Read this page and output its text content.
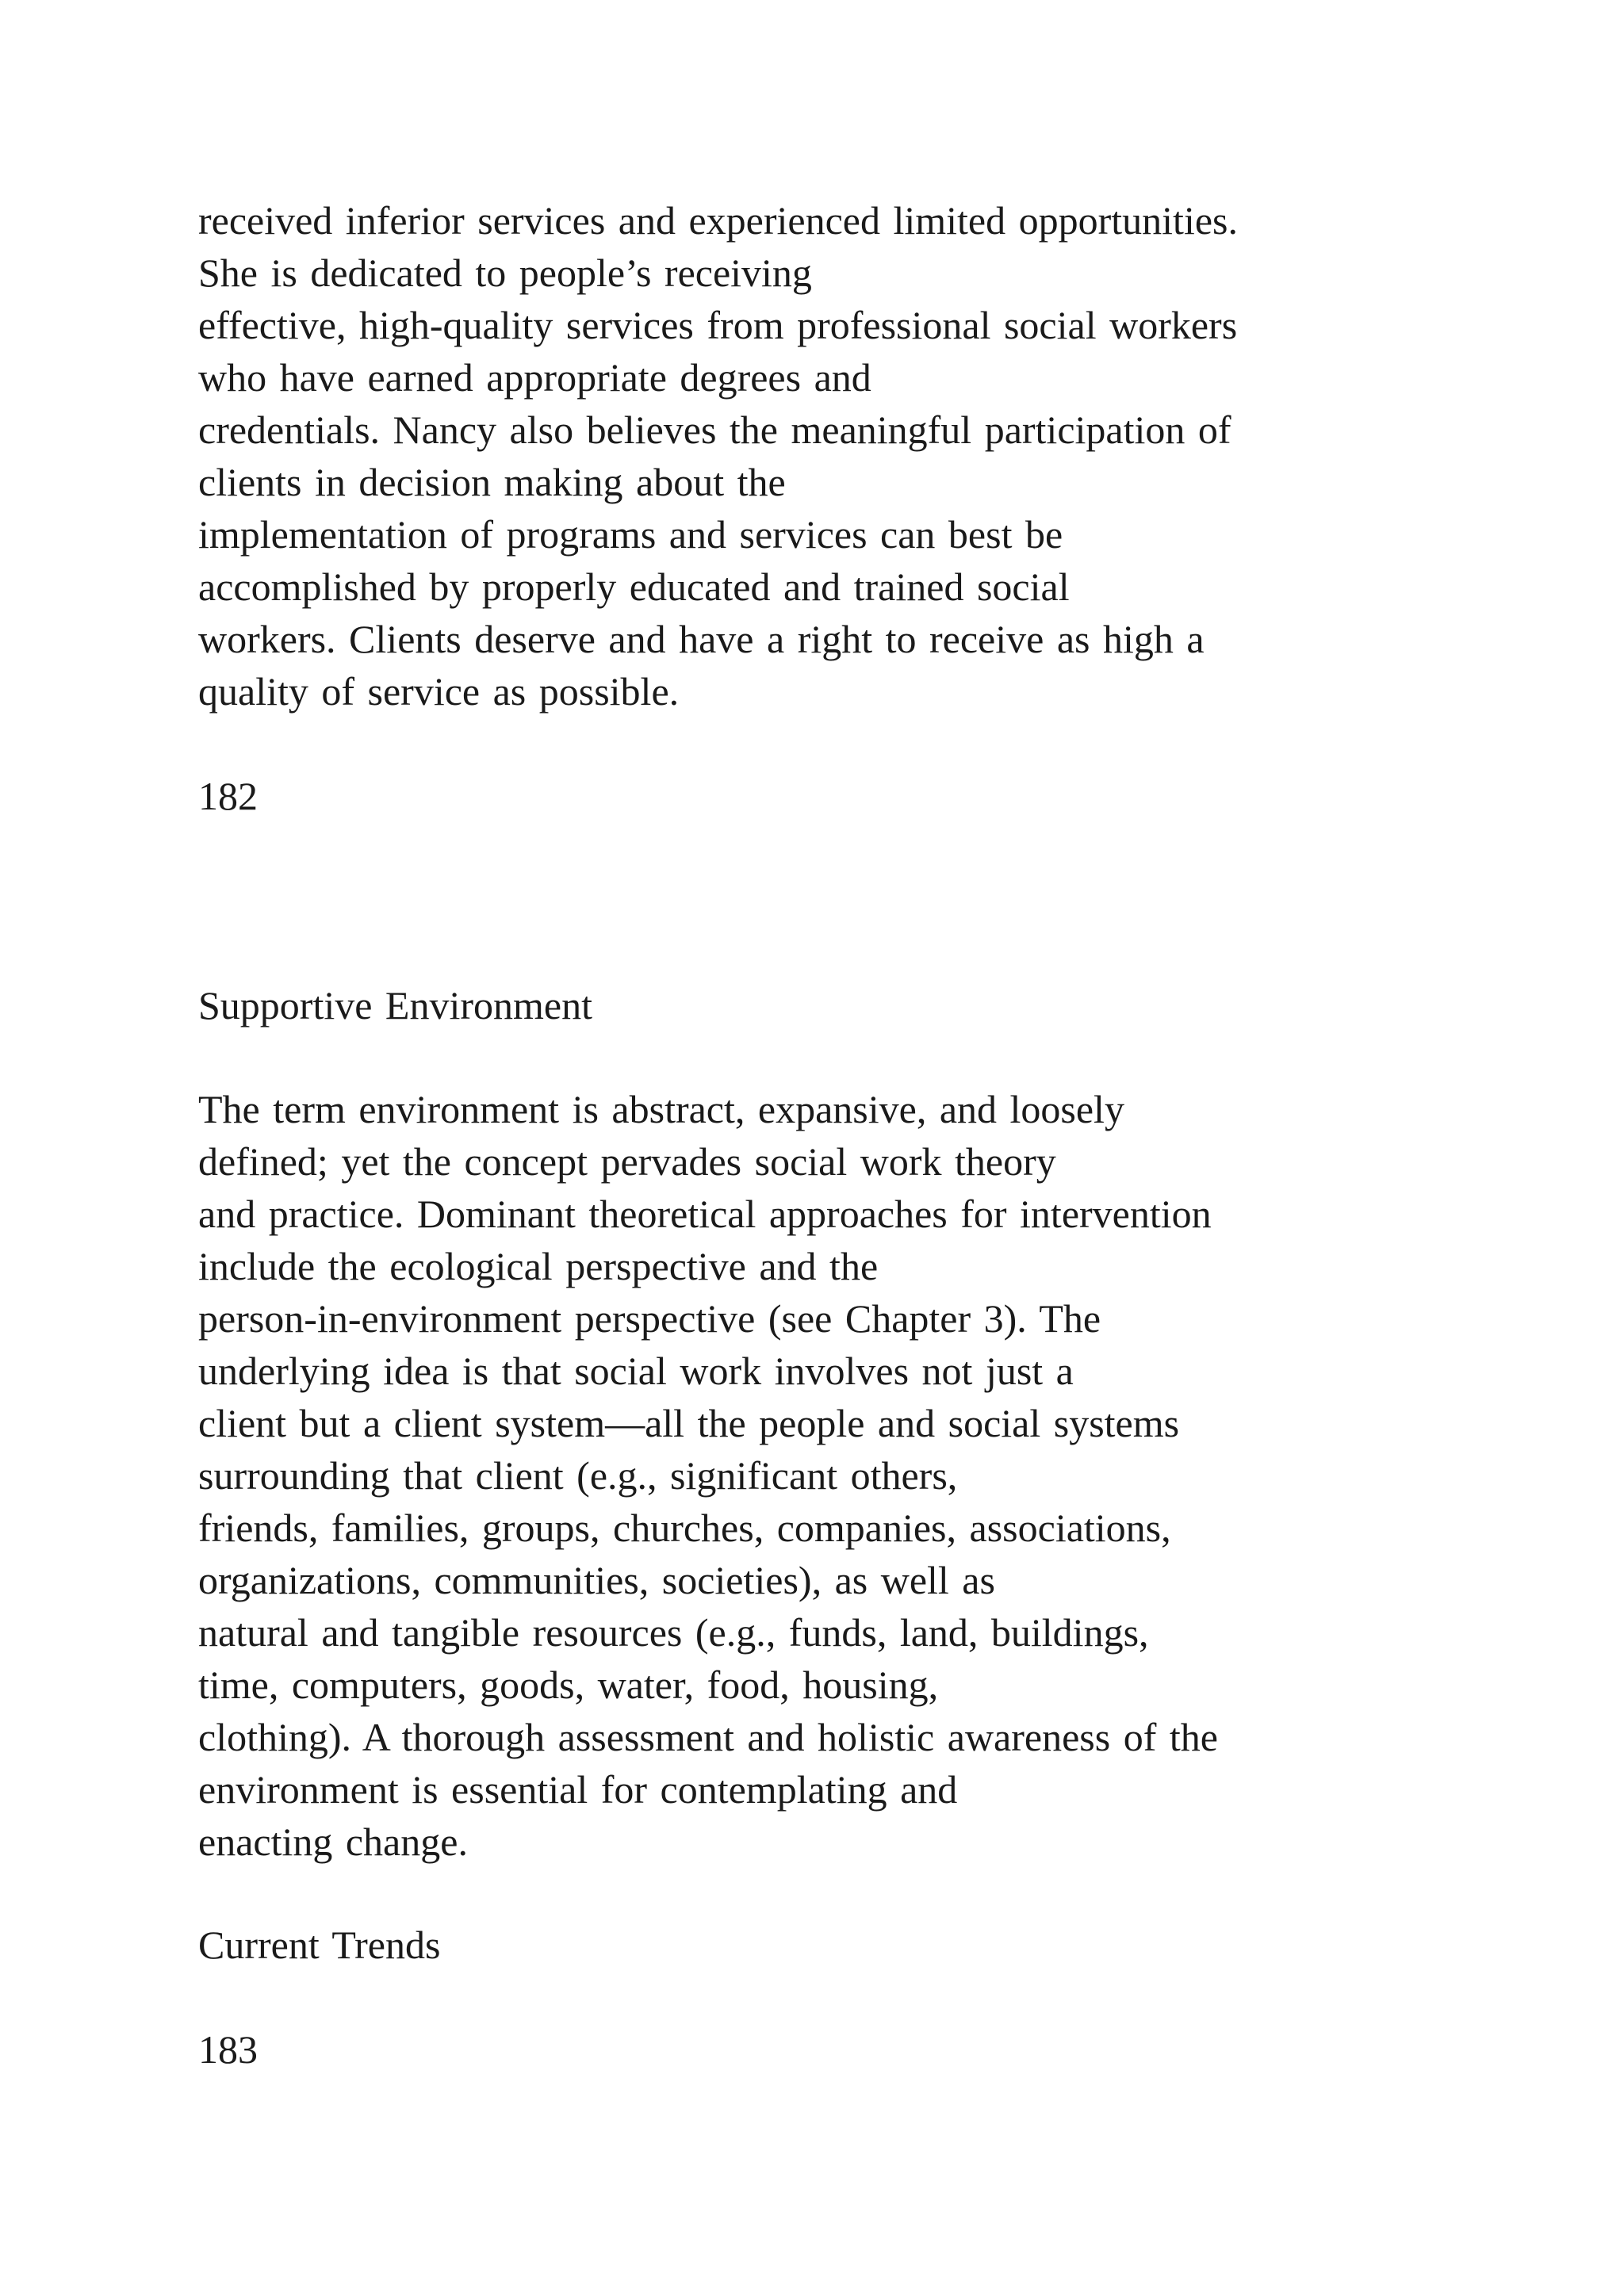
received inferior services and experienced limited opportunities.
She is dedicated to people’s receiving
effective, high-quality services from professional social workers
who have earned appropriate degrees and
credentials. Nancy also believes the meaningful participation of
clients in decision making about the
implementation of programs and services can best be
accomplished by properly educated and trained social
workers. Clients deserve and have a right to receive as high a
quality of service as possible.
182
Supportive Environment
The term environment is abstract, expansive, and loosely
defined; yet the concept pervades social work theory
and practice. Dominant theoretical approaches for intervention
include the ecological perspective and the
person-in-environment perspective (see Chapter 3). The
underlying idea is that social work involves not just a
client but a client system—all the people and social systems
surrounding that client (e.g., significant others,
friends, families, groups, churches, companies, associations,
organizations, communities, societies), as well as
natural and tangible resources (e.g., funds, land, buildings,
time, computers, goods, water, food, housing,
clothing). A thorough assessment and holistic awareness of the
environment is essential for contemplating and
enacting change.
Current Trends
183
